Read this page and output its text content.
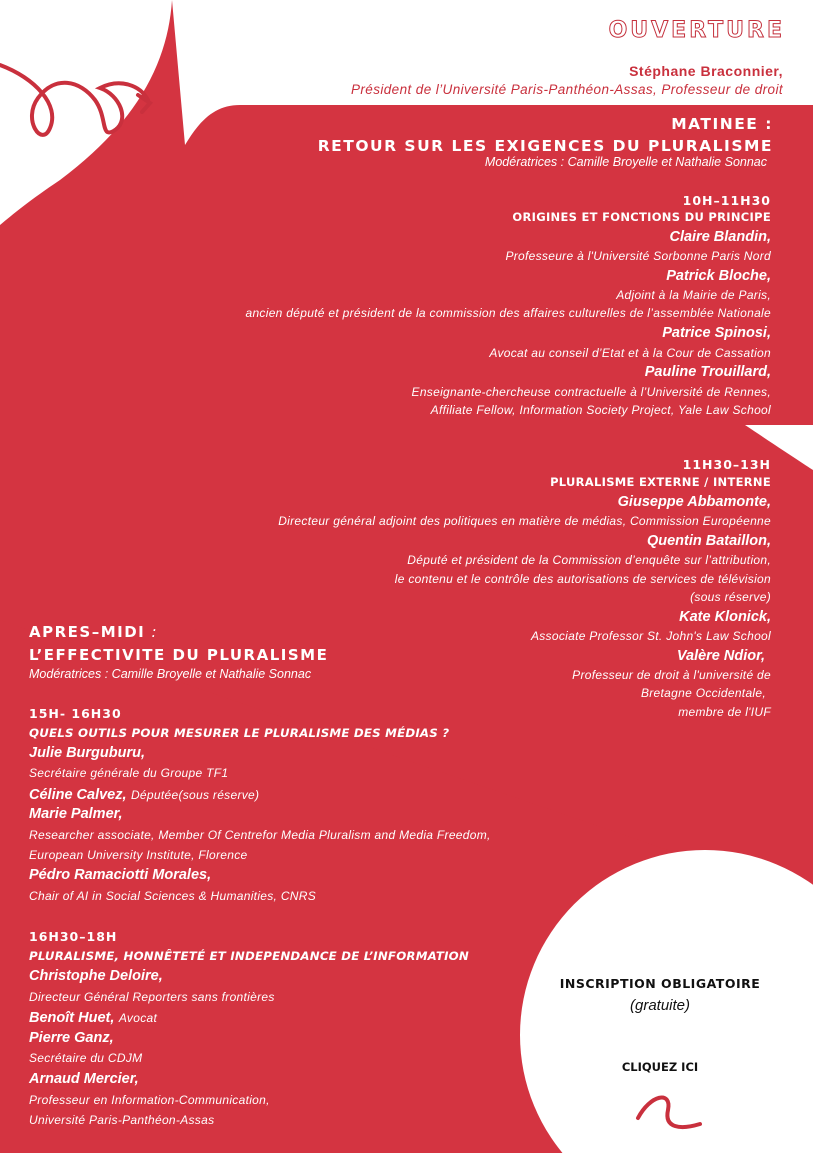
OUVERTURE
Stéphane Braconnier,
Président de l’Université Paris-Panthéon-Assas, Professeur de droit
MATINEE :
RETOUR SUR LES EXIGENCES DU PLURALISME
Modératrices : Camille Broyelle et Nathalie Sonnac
10H–11H30
ORIGINES ET FONCTIONS DU PRINCIPE
Claire Blandin,
Professeure à l'Université Sorbonne Paris Nord
Patrick Bloche,
Adjoint à la Mairie de Paris,
ancien député et président de la commission des affaires culturelles de l’assemblée Nationale
Patrice Spinosi,
Avocat au conseil d’Etat et à la Cour de Cassation
Pauline Trouillard,
Enseignante-chercheuse contractuelle à l’Université de Rennes,
Affiliate Fellow, Information Society Project, Yale Law School
11H30–13H
PLURALISME EXTERNE / INTERNE
Giuseppe Abbamonte,
Directeur général adjoint des politiques en matière de médias, Commission Européenne
Quentin Bataillon,
Député et président de la Commission d’enquête sur l’attribution,
le contenu et le contrôle des autorisations de services de télévision
(sous réserve)
Kate Klonick,
Associate Professor St. John's Law School
Valère Ndior,
Professeur de droit à l'université de
Bretagne Occidentale,
membre de l'IUF
APRES–MIDI :
L’EFFECTIVITE DU PLURALISME
Modératrices : Camille Broyelle et Nathalie Sonnac
15H- 16H30
QUELS OUTILS POUR MESURER LE PLURALISME DES MÉDIAS ?
Julie Burguburu,
Secrétaire générale du Groupe TF1
Céline Calvez, Députée(sous réserve)
Marie Palmer,
Researcher associate, Member Of Centrefor Media Pluralism and Media Freedom,
European University Institute, Florence
Pédro Ramaciotti Morales,
Chair of AI in Social Sciences & Humanities, CNRS
16H30–18H
PLURALISME, HONNÊTETÉ ET INDEPENDANCE DE L’INFORMATION
Christophe Deloire,
Directeur Général Reporters sans frontières
Benoît Huet, Avocat
Pierre Ganz,
Secrétaire du CDJM
Arnaud Mercier,
Professeur en Information-Communication,
Université Paris-Panthéon-Assas
INSCRIPTION OBLIGATOIRE
(gratuite)
CLIQUEZ ICI
